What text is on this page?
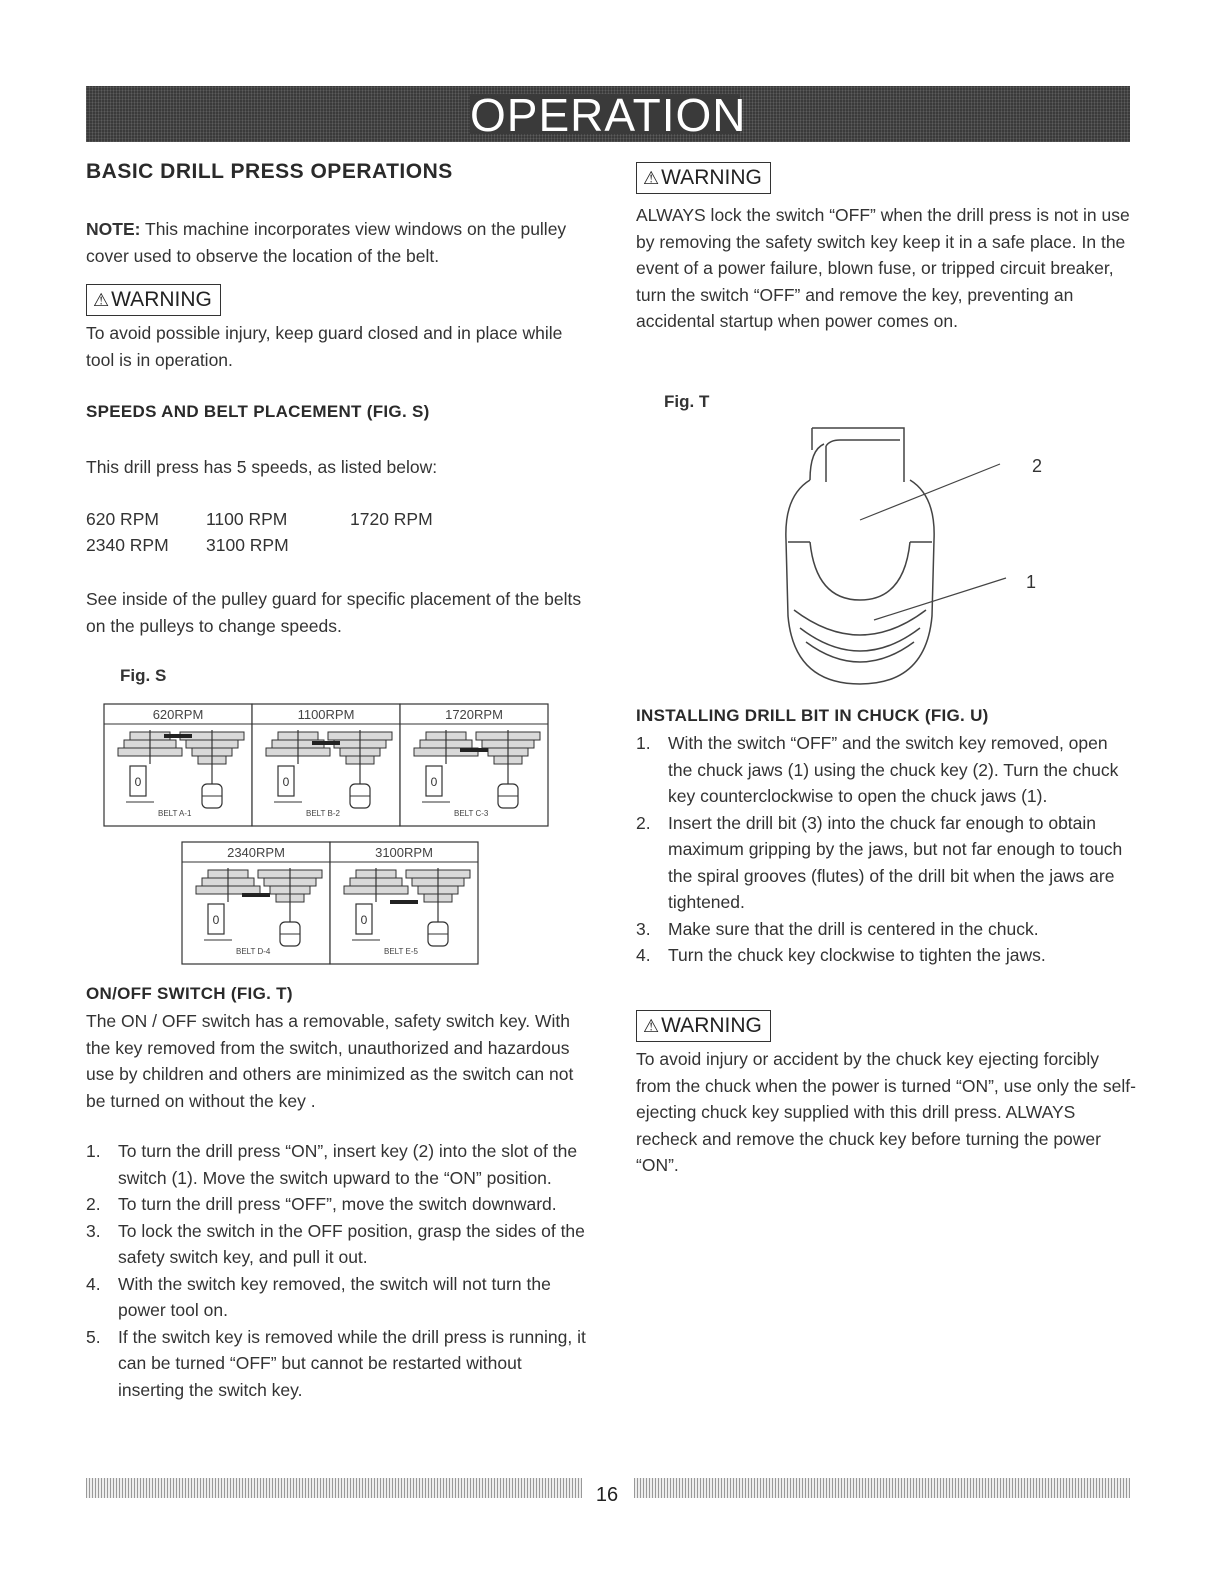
OPERATION
BASIC DRILL PRESS OPERATIONS

NOTE: This machine incorporates view windows on the pulley cover used to observe the location of the belt.

⚠WARNING

To avoid possible injury, keep guard closed and in place while tool is in operation.

SPEEDS AND BELT PLACEMENT (FIG. S)

This drill press has 5 speeds, as listed below:

620 RPM	1100 RPM	1720 RPM
2340 RPM 3100 RPM

See inside of the pulley guard for specific placement of the belts on the pulleys to change speeds.

Fig. S
620RPM
0
BELT A-1
1100RPM
0
BELT B-2
1720RPM
0
BELT C-3
2340RPM
0
BELT D-4
3100RPM
0
BELT E-5
ON/OFF SWITCH (FIG. T)

The ON / OFF switch has a removable, safety switch key. With the key removed from the switch, unauthorized and hazardous use by children and others are minimized as the switch can not be turned on without the key .

1. To turn the drill press “ON”, insert key (2) into the slot of the switch (1). Move the switch upward to the “ON” position.
2. To turn the drill press “OFF”, move the switch downward.
3. To lock the switch in the OFF position, grasp the sides of the safety switch key, and pull it out.
4. With the switch key removed, the switch will not turn the power tool on.
5. If the switch key is removed while the drill press is running, it can be turned “OFF” but cannot be restarted without inserting the switch key.
⚠WARNING

ALWAYS lock the switch “OFF” when the drill press is not in use by removing the safety switch key keep it in a safe place. In the event of a power failure, blown fuse, or tripped circuit breaker, turn the switch “OFF” and remove the key, preventing an accidental startup when power comes on.

Fig. T
2
1
INSTALLING DRILL BIT IN CHUCK (FIG. U)
1. With the switch “OFF” and the switch key removed, open the chuck jaws (1) using the chuck key (2). Turn the chuck key counterclockwise to open the chuck jaws (1).
2. Insert the drill bit (3) into the chuck far enough to obtain maximum gripping by the jaws, but not far enough to touch the spiral grooves (flutes) of the drill bit when the jaws are tightened.
3. Make sure that the drill is centered in the chuck.
4. Turn the chuck key clockwise to tighten the jaws.
⚠WARNING

To avoid injury or accident by the chuck key ejecting forcibly from the chuck when the power is turned “ON”, use only the self-ejecting chuck key supplied with this drill press. ALWAYS recheck and remove the chuck key before turning the power “ON”.

16
